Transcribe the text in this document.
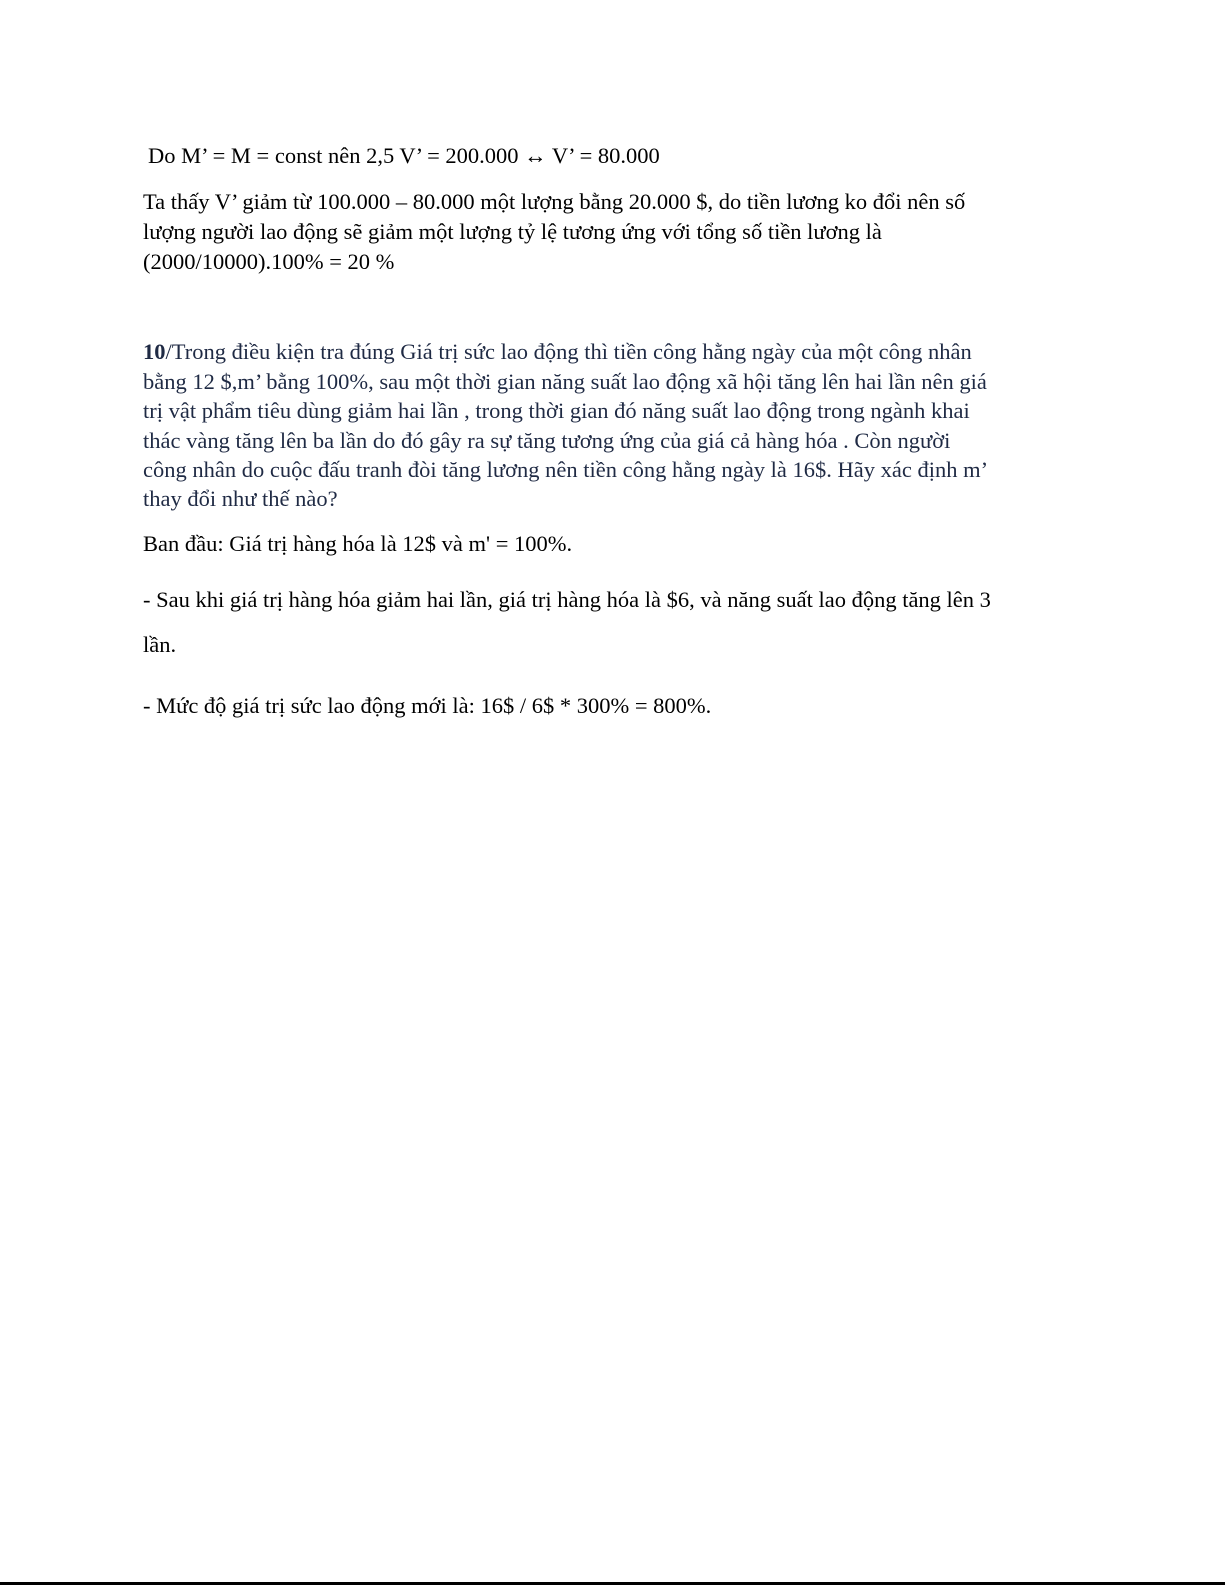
Do M’ = M = const nên 2,5 V’ = 200.000 ↔ V’ = 80.000
Ta thấy V’ giảm từ 100.000 – 80.000 một lượng bằng 20.000 $, do tiền lương ko đổi nên số
lượng người lao động sẽ giảm một lượng tỷ lệ tương ứng với tổng số tiền lương là
(2000/10000).100% = 20 %
10/Trong điều kiện tra đúng Giá trị sức lao động thì tiền công hằng ngày của một công nhân
bằng 12 $,m’ bằng 100%, sau một thời gian năng suất lao động xã hội tăng lên hai lần nên giá
trị vật phẩm tiêu dùng giảm hai lần , trong thời gian đó năng suất lao động trong ngành khai
thác vàng tăng lên ba lần do đó gây ra sự tăng tương ứng của giá cả hàng hóa . Còn người
công nhân do cuộc đấu tranh đòi tăng lương nên tiền công hằng ngày là 16$. Hãy xác định m’
thay đổi như thế nào?
Ban đầu: Giá trị hàng hóa là 12$ và m' = 100%.
- Sau khi giá trị hàng hóa giảm hai lần, giá trị hàng hóa là $6, và năng suất lao động tăng lên 3
lần.
- Mức độ giá trị sức lao động mới là: 16$ / 6$ * 300% = 800%.
